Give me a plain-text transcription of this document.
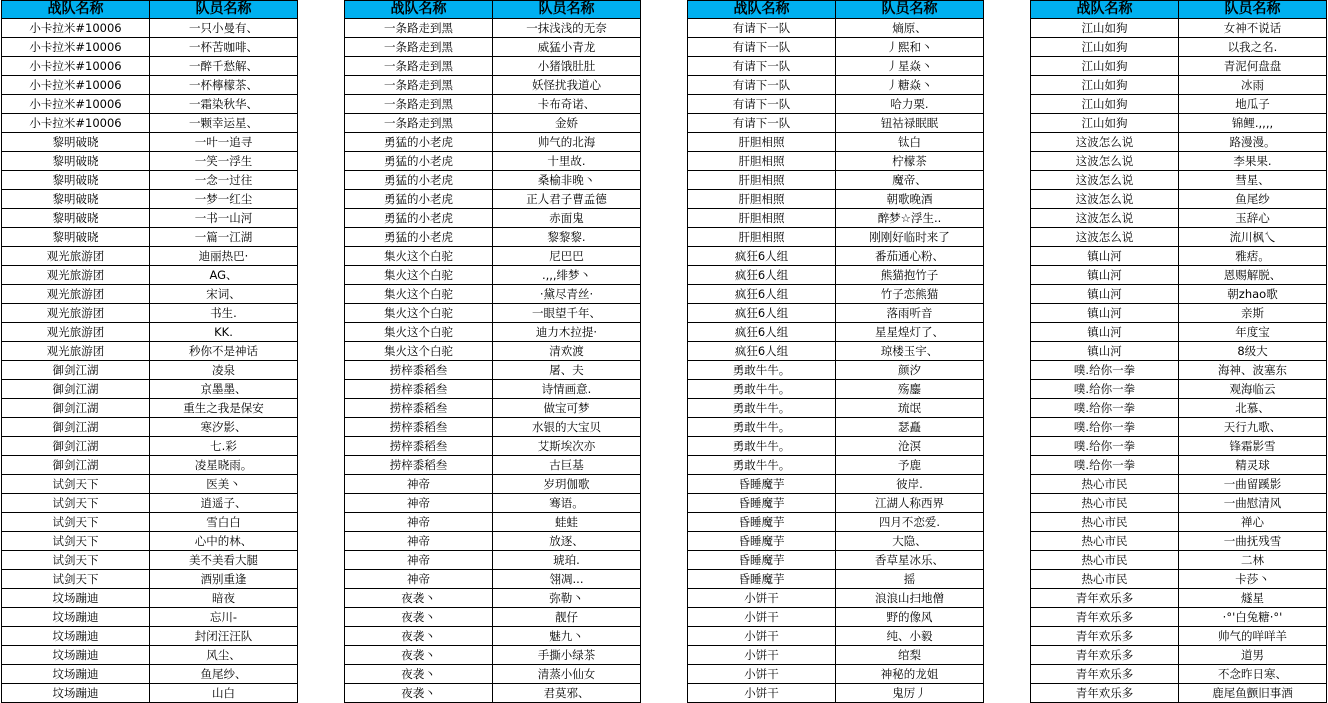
战队名称	队员名称
小卡拉米#10006	一只小曼有、
小卡拉米#10006	一杯苦咖啡、
小卡拉米#10006	一醉千愁解、
小卡拉米#10006	一杯檸檬茶、
小卡拉米#10006	一霜染秋华、
小卡拉米#10006	一颗幸运星、
黎明破晓	一叶一追寻
黎明破晓	一笑一浮生
黎明破晓	一念一过往
黎明破晓	一梦一红尘
黎明破晓	一书一山河
黎明破晓	一篇一江湖
观光旅游团	迪丽热巴·
观光旅游团	AG、
观光旅游团	宋词、
观光旅游团	书生.
观光旅游团	KK.
观光旅游团	秒你不是神话
御剑江湖	凌泉
御剑江湖	京墨墨、
御剑江湖	重生之我是保安
御剑江湖	寒汐影、
御剑江湖	七.彩
御剑江湖	凌星晓雨。
试剑天下	医美丶
试剑天下	逍遥子、
试剑天下	雪白白
试剑天下	心中的林、
试剑天下	美不美看大腿
试剑天下	酒别重逢
坟场蹦迪	暗夜
坟场蹦迪	忘川-
坟场蹦迪	封闭汪汪队
坟场蹦迪	风尘、
坟场蹦迪	鱼尾纱、
坟场蹦迪	山白
战队名称	队员名称
一条路走到黑	一抹浅浅的无奈
一条路走到黑	威猛小青龙
一条路走到黑	小猪饿肚肚
一条路走到黑	妖怪扰我道心
一条路走到黑	卡布奇诺、
一条路走到黑	金娇
勇猛的小老虎	帅气的北海
勇猛的小老虎	十里故.
勇猛的小老虎	桑榆非晚丶
勇猛的小老虎	正人君子曹孟德
勇猛的小老虎	赤面鬼
勇猛的小老虎	黎黎黎.
集火这个白驼	尼巴巴
集火这个白驼	.,,,绯梦丶
集火这个白驼	·黛尽青丝·
集火这个白驼	一眼望千年、
集火这个白驼	迪力木拉提·
集火这个白驼	清欢渡
捞梓黍稻叁	屠、夫
捞梓黍稻叁	诗情画意.
捞梓黍稻叁	做宝可梦
捞梓黍稻叁	水银的大宝贝
捞梓黍稻叁	艾斯埃次亦
捞梓黍稻叁	古巨基
神帝	岁玥伽歌
神帝	骞语。
神帝	蛙蛙
神帝	放逐、
神帝	琥珀.
神帝	翎凋...
夜袭丶	弥勒丶
夜袭丶	靓仔
夜袭丶	魅九丶
夜袭丶	手撕小绿茶
夜袭丶	清蒸小仙女
夜袭丶	君莫邪、
战队名称	队员名称
有请下一队	熵原、
有请下一队	丿熙和丶
有请下一队	丿星焱丶
有请下一队	丿糖焱丶
有请下一队	哈力栗.
有请下一队	钮祜禄眠眠
肝胆相照	钛白
肝胆相照	柠檬茶
肝胆相照	魔帝、
肝胆相照	朝歌晚酒
肝胆相照	醉梦☆浮生..
肝胆相照	刚刚好临时来了
疯狂6人组	番茄通心粉、
疯狂6人组	熊猫抱竹子
疯狂6人组	竹子恋熊猫
疯狂6人组	落雨听音
疯狂6人组	星星煌灯了、
疯狂6人组	琼楼玉宇、
勇敢牛牛。	颜汐
勇敢牛牛。	殇鏖
勇敢牛牛。	琉氓
勇敢牛牛。	瑟矗
勇敢牛牛。	沧溟
勇敢牛牛。	予鹿
昏睡魔芋	彼岸.
昏睡魔芋	江湖人称西界
昏睡魔芋	四月不恋爱.
昏睡魔芋	大隐、
昏睡魔芋	香草星冰乐、
昏睡魔芋	摇
小饼干	浪浪山扫地僧
小饼干	野的像风
小饼干	纯、小毅
小饼干	绾梨
小饼干	神秘的龙姐
小饼干	鬼厉丿
战队名称	队员名称
江山如狗	女神不说话
江山如狗	以我之名.
江山如狗	青泥何盘盘
江山如狗	冰雨
江山如狗	地瓜子
江山如狗	锦鲤.,,,,
这波怎么说	路漫漫。
这波怎么说	李果果.
这波怎么说	彗星、
这波怎么说	鱼尾纱
这波怎么说	玉辞心
这波怎么说	流川枫乀
镇山河	雅痞。
镇山河	恩赐解脱、
镇山河	朝zhao歌
镇山河	亲斯
镇山河	年度宝
镇山河	8级大
噗.给你一拳	海神、波塞东
噗.给你一拳	观海临云
噗.给你一拳	北慕、
噗.给你一拳	天行九歌、
噗.给你一拳	锋霜影雪
噗.给你一拳	精灵球
热心市民	一曲留蹊影
热心市民	一曲慰清风
热心市民	禅心
热心市民	一曲抚残雪
热心市民	二林
热心市民	卡莎丶
青年欢乐多	燧星
青年欢乐多	·°'白兔糖·°'
青年欢乐多	帅气的咩咩羊
青年欢乐多	道男
青年欢乐多	不念昨日寒、
青年欢乐多	鹿尾鱼颤旧事酒
